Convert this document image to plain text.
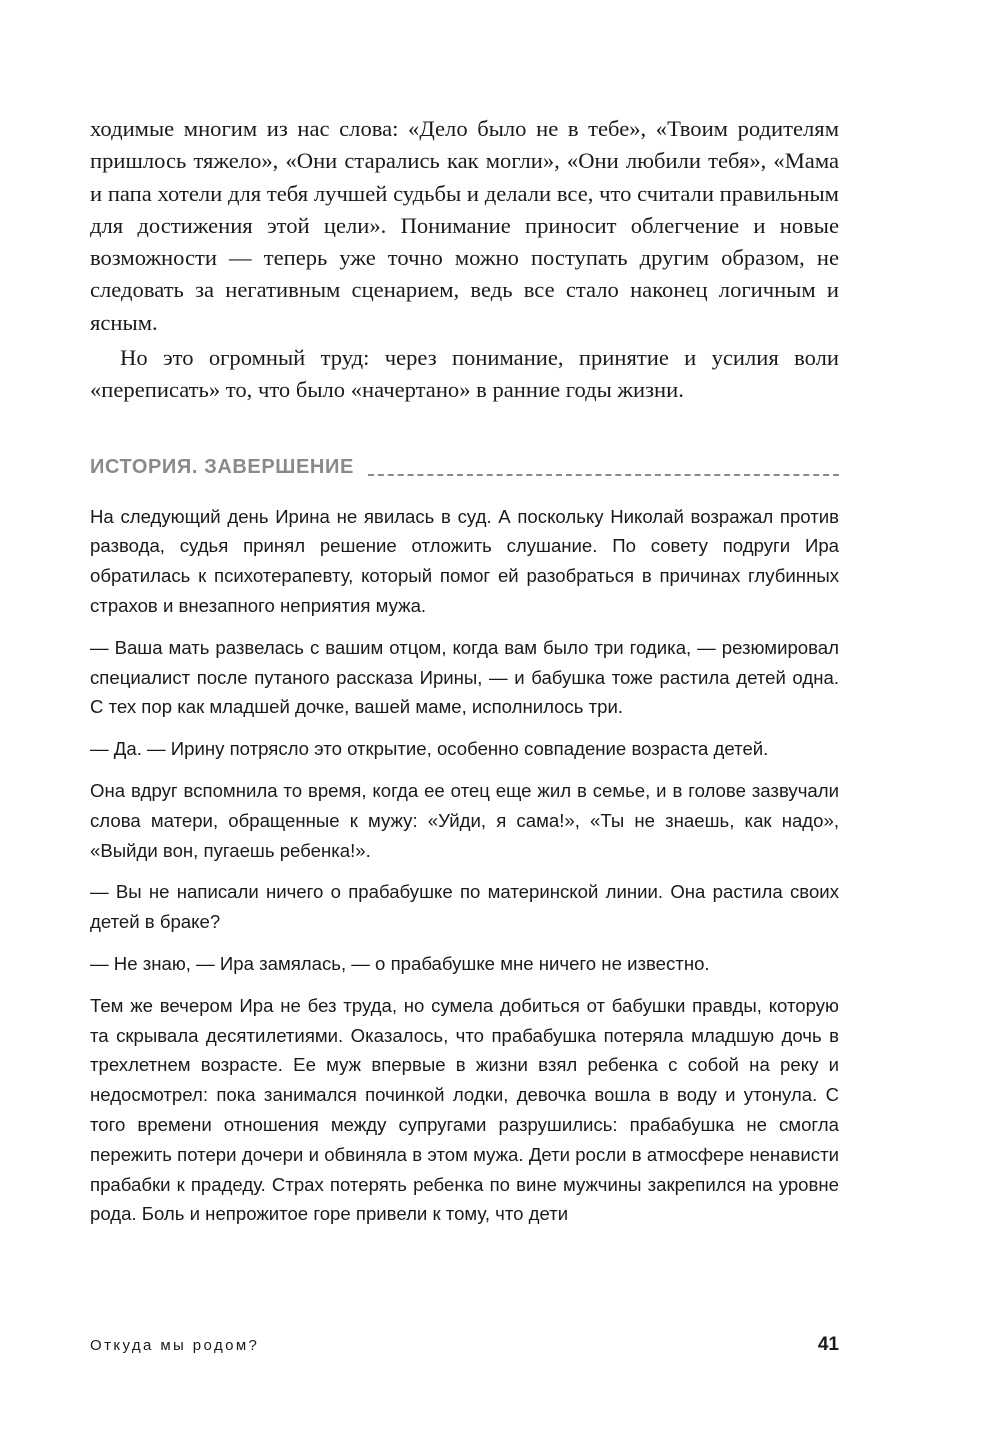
ходимые многим из нас слова: «Дело было не в тебе», «Твоим родителям пришлось тяжело», «Они старались как могли», «Они любили тебя», «Мама и папа хотели для тебя лучшей судьбы и делали все, что считали правильным для достижения этой цели». Понимание приносит облегчение и новые возможности — теперь уже точно можно поступать другим образом, не следовать за негативным сценарием, ведь все стало наконец логичным и ясным.

Но это огромный труд: через понимание, принятие и усилия воли «переписать» то, что было «начертано» в ранние годы жизни.

ИСТОРИЯ. ЗАВЕРШЕНИЕ

На следующий день Ирина не явилась в суд. А поскольку Николай возражал против развода, судья принял решение отложить слушание. По совету подруги Ира обратилась к психотерапевту, который помог ей разобраться в причинах глубинных страхов и внезапного неприятия мужа.

— Ваша мать развелась с вашим отцом, когда вам было три годика, — резюмировал специалист после путаного рассказа Ирины, — и бабушка тоже растила детей одна. С тех пор как младшей дочке, вашей маме, исполнилось три.

— Да. — Ирину потрясло это открытие, особенно совпадение возраста детей.

Она вдруг вспомнила то время, когда ее отец еще жил в семье, и в голове зазвучали слова матери, обращенные к мужу: «Уйди, я сама!», «Ты не знаешь, как надо», «Выйди вон, пугаешь ребенка!».

— Вы не написали ничего о прабабушке по материнской линии. Она растила своих детей в браке?

— Не знаю, — Ира замялась, — о прабабушке мне ничего не известно.

Тем же вечером Ира не без труда, но сумела добиться от бабушки правды, которую та скрывала десятилетиями. Оказалось, что прабабушка потеряла младшую дочь в трехлетнем возрасте. Ее муж впервые в жизни взял ребенка с собой на реку и недосмотрел: пока занимался починкой лодки, девочка вошла в воду и утонула. С того времени отношения между супругами разрушились: прабабушка не смогла пережить потери дочери и обвиняла в этом мужа. Дети росли в атмосфере ненависти прабабки к прадеду. Страх потерять ребенка по вине мужчины закрепился на уровне рода. Боль и непрожитое горе привели к тому, что дети

Откуда мы родом?	41
